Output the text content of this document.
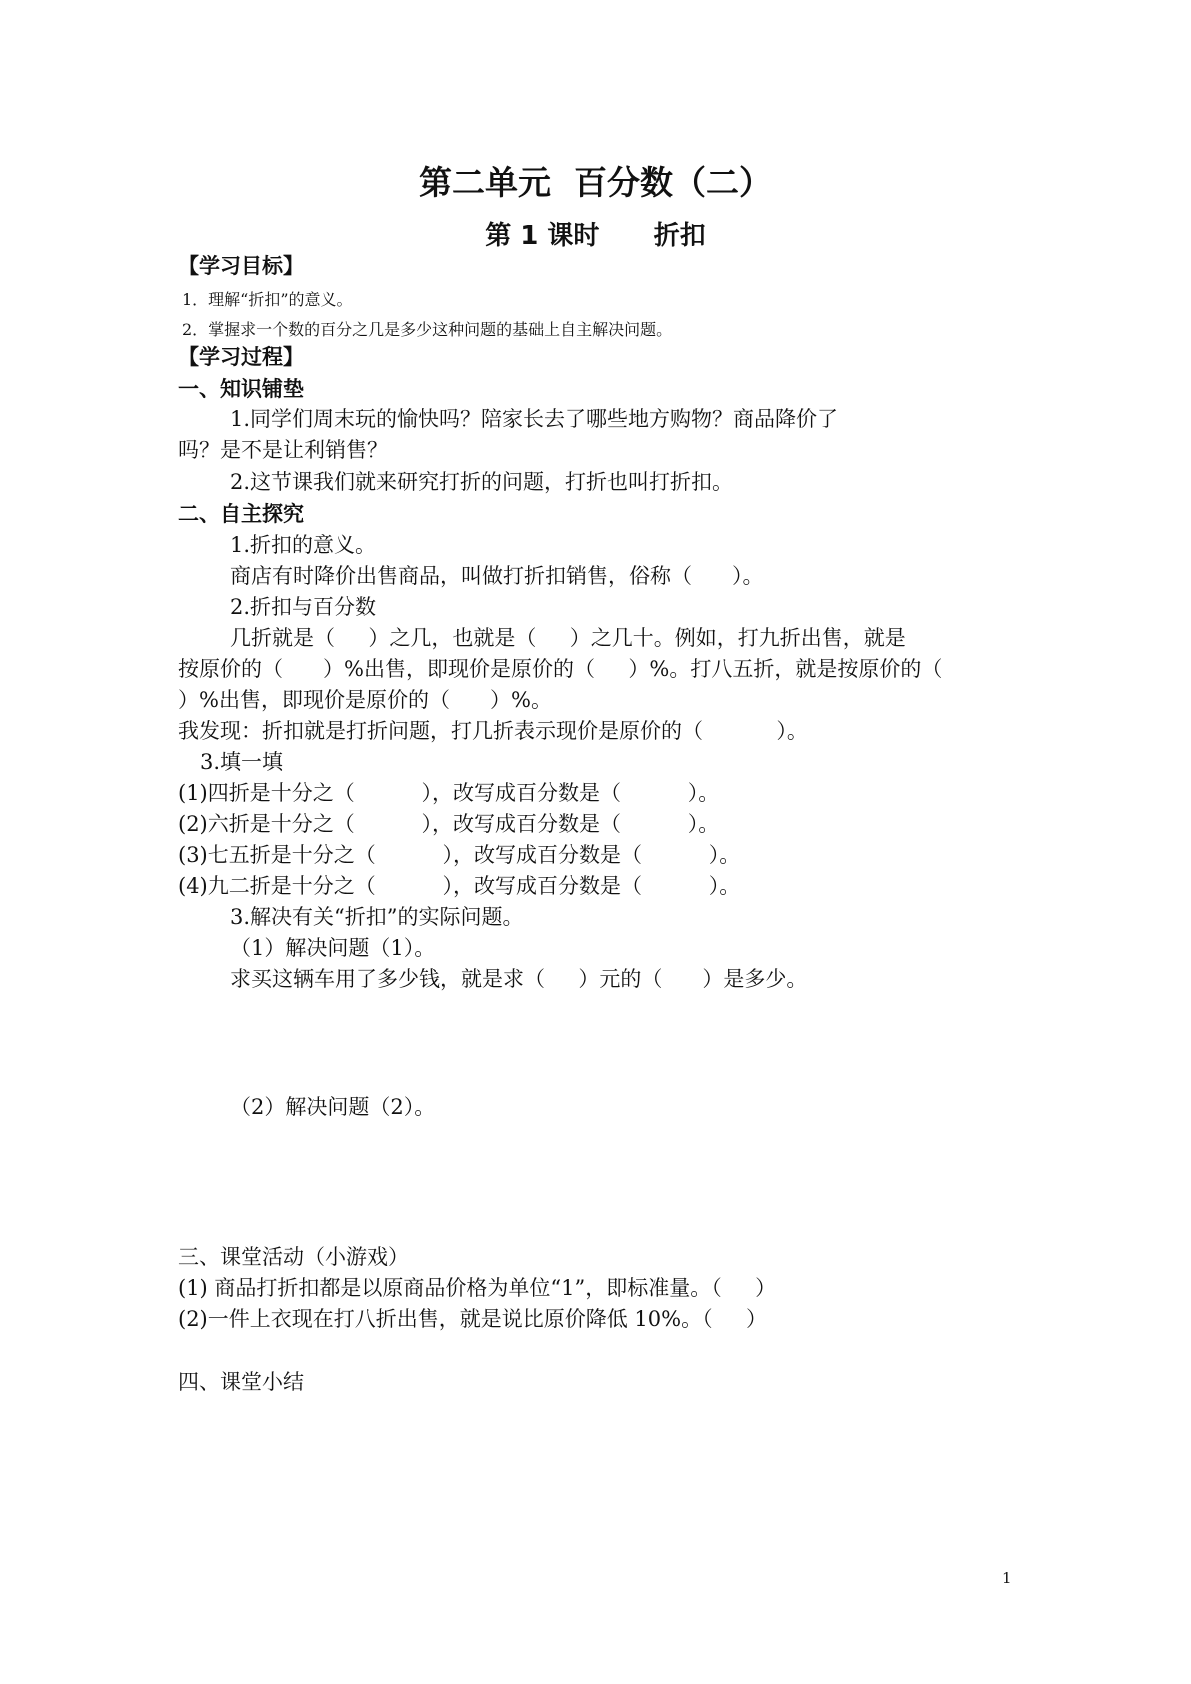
第二单元  百分数（二）
第 1 课时      折扣
【学习目标】
1．理解“折扣”的意义。
2．掌握求一个数的百分之几是多少这种问题的基础上自主解决问题。
【学习过程】
一、知识铺垫
1.同学们周末玩的愉快吗？陪家长去了哪些地方购物？商品降价了
吗？是不是让利销售？
2.这节课我们就来研究打折的问题，打折也叫打折扣。
二、自主探究
1.折扣的意义。
商店有时降价出售商品，叫做打折扣销售，俗称（      ）。
2.折扣与百分数
几折就是（     ）之几，也就是（     ）之几十。例如，打九折出售，就是
按原价的（      ）%出售，即现价是原价的（     ）%。打八五折，就是按原价的（
）%出售，即现价是原价的（      ）%。
我发现：折扣就是打折问题，打几折表示现价是原价的（           ）。
3.填一填
(1)四折是十分之（          ），改写成百分数是（          ）。
(2)六折是十分之（          ），改写成百分数是（          ）。
(3)七五折是十分之（          ），改写成百分数是（          ）。
(4)九二折是十分之（          ），改写成百分数是（          ）。
3.解决有关“折扣”的实际问题。
（1）解决问题（1）。
求买这辆车用了多少钱，就是求（     ）元的（      ）是多少。
（2）解决问题（2）。
三、课堂活动（小游戏）
(1) 商品打折扣都是以原商品价格为单位“1”，即标准量。（     ）
(2)一件上衣现在打八折出售，就是说比原价降低 10%。（     ）
四、课堂小结
1
